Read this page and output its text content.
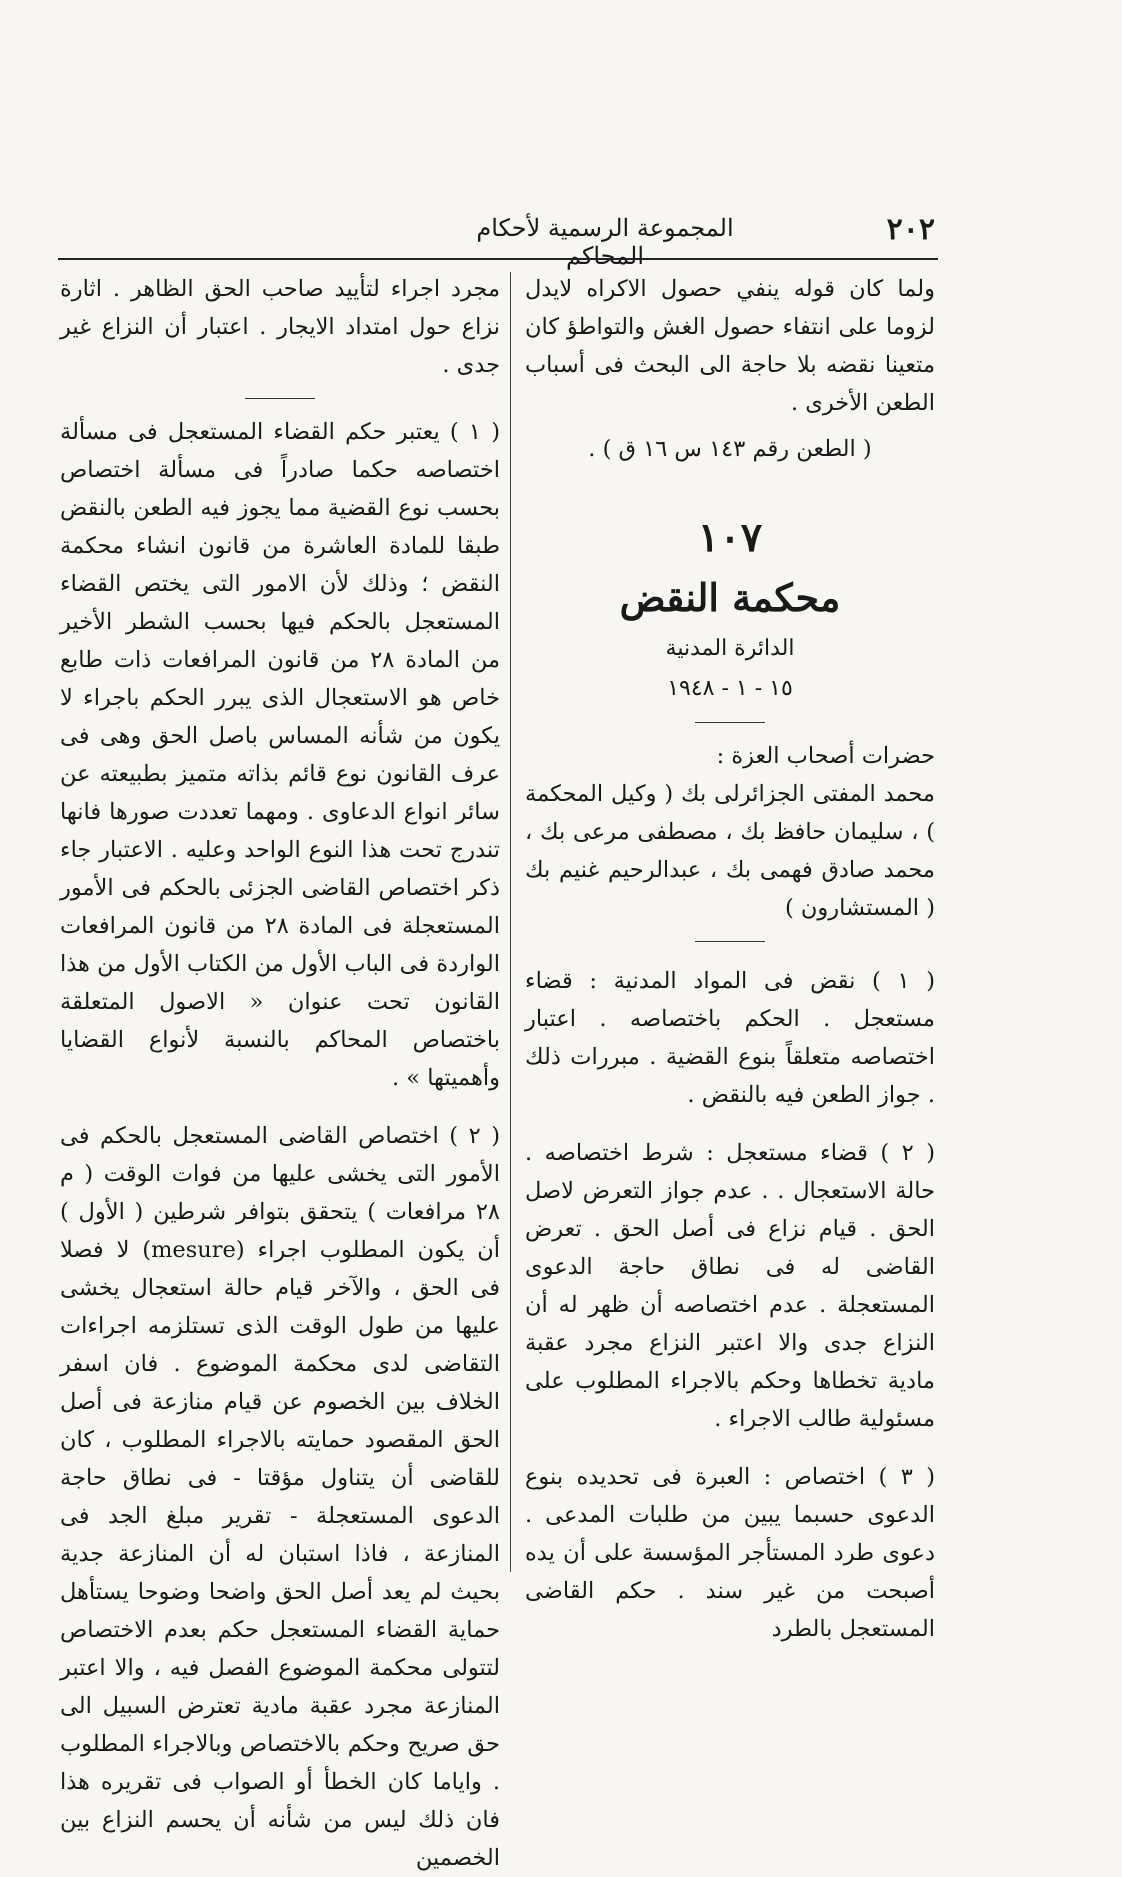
٢٠٢
المجموعة الرسمية لأحكام المحاكم

ولما كان قوله ينفي حصول الاكراه لايدل لزوما على انتفاء حصول الغش والتواطؤ كان متعينا نقضه بلا حاجة الى البحث فى أسباب الطعن الأخرى .

( الطعن رقم ١٤٣ س ١٦ ق ) .

١٠٧

محكمة النقض

الدائرة المدنية

١٥ - ١ - ١٩٤٨

حضرات أصحاب العزة :

محمد المفتى الجزائرلى بك ( وكيل المحكمة ) ، سليمان حافظ بك ، مصطفى مرعى بك ، محمد صادق فهمى بك ، عبدالرحيم غنيم بك ( المستشارون )

( ١ ) نقض فى المواد المدنية : قضاء مستعجل . الحكم باختصاصه . اعتبار اختصاصه متعلقاً بنوع القضية . مبررات ذلك . جواز الطعن فيه بالنقض .

( ٢ ) قضاء مستعجل : شرط اختصاصه . حالة الاستعجال . . عدم جواز التعرض لاصل الحق . قيام نزاع فى أصل الحق . تعرض القاضى له فى نطاق حاجة الدعوى المستعجلة . عدم اختصاصه أن ظهر له أن النزاع جدى والا اعتبر النزاع مجرد عقبة مادية تخطاها وحكم بالاجراء المطلوب على مسئولية طالب الاجراء .

( ٣ ) اختصاص : العبرة فى تحديده بنوع الدعوى حسبما يبين من طلبات المدعى . دعوى طرد المستأجر المؤسسة على أن يده أصبحت من غير سند . حكم القاضى المستعجل بالطرد

مجرد اجراء لتأييد صاحب الحق الظاهر . اثارة نزاع حول امتداد الايجار . اعتبار أن النزاع غير جدى .

( ١ ) يعتبر حكم القضاء المستعجل فى مسألة اختصاصه حكما صادراً فى مسألة اختصاص بحسب نوع القضية مما يجوز فيه الطعن بالنقض طبقا للمادة العاشرة من قانون انشاء محكمة النقض ؛ وذلك لأن الامور التى يختص القضاء المستعجل بالحكم فيها بحسب الشطر الأخير من المادة ٢٨ من قانون المرافعات ذات طابع خاص هو الاستعجال الذى يبرر الحكم باجراء لا يكون من شأنه المساس باصل الحق وهى فى عرف القانون نوع قائم بذاته متميز بطبيعته عن سائر انواع الدعاوى . ومهما تعددت صورها فانها تندرج تحت هذا النوع الواحد وعليه . الاعتبار جاء ذكر اختصاص القاضى الجزئى بالحكم فى الأمور المستعجلة فى المادة ٢٨ من قانون المرافعات الواردة فى الباب الأول من الكتاب الأول من هذا القانون تحت عنوان « الاصول المتعلقة باختصاص المحاكم بالنسبة لأنواع القضايا وأهميتها » .

( ٢ ) اختصاص القاضى المستعجل بالحكم فى الأمور التى يخشى عليها من فوات الوقت ( م ٢٨ مرافعات ) يتحقق بتوافر شرطين ( الأول ) أن يكون المطلوب اجراء (mesure) لا فصلا فى الحق ، والآخر قيام حالة استعجال يخشى عليها من طول الوقت الذى تستلزمه اجراءات التقاضى لدى محكمة الموضوع . فان اسفر الخلاف بين الخصوم عن قيام منازعة فى أصل الحق المقصود حمايته بالاجراء المطلوب ، كان للقاضى أن يتناول مؤقتا - فى نطاق حاجة الدعوى المستعجلة - تقرير مبلغ الجد فى المنازعة ، فاذا استبان له أن المنازعة جدية بحيث لم يعد أصل الحق واضحا وضوحا يستأهل حماية القضاء المستعجل حكم بعدم الاختصاص لتتولى محكمة الموضوع الفصل فيه ، والا اعتبر المنازعة مجرد عقبة مادية تعترض السبيل الى حق صريح وحكم بالاختصاص وبالاجراء المطلوب . واياما كان الخطأ أو الصواب فى تقريره هذا فان ذلك ليس من شأنه أن يحسم النزاع بين الخصمين
